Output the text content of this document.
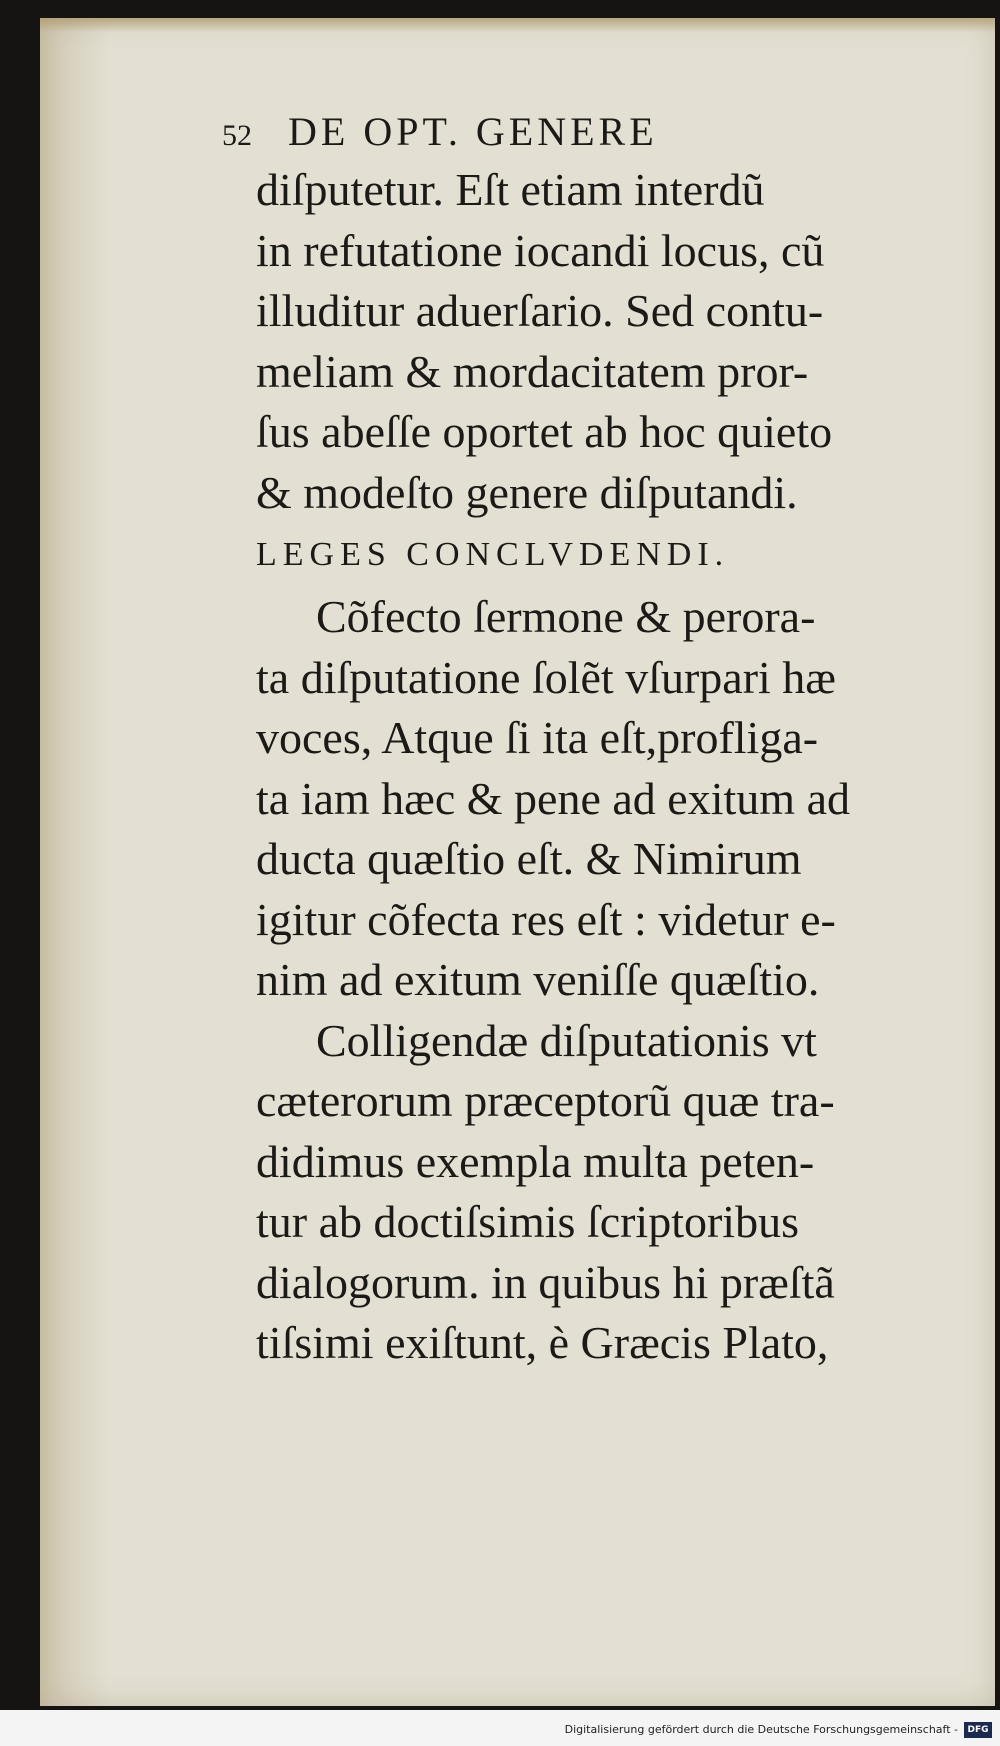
52 DE OPT. GENERE
diſputetur. Eſt etiam interdũ
in refutatione iocandi locus, cũ
illuditur aduerſario. Sed contu-
meliam & mordacitatem pror-
ſus abeſſe oportet ab hoc quieto
& modeſto genere diſputandi.
LEGES CONCLVDENDI.
Cõfecto ſermone & perora-
ta diſputatione ſolẽt vſurpari hæ
voces, Atque ſi ita eſt,profliga-
ta iam hæc & pene ad exitum ad
ducta quæſtio eſt. & Nimirum
igitur cõfecta res eſt : videtur e-
nim ad exitum veniſſe quæſtio.
Colligendæ diſputationis vt
cæterorum præceptorũ quæ tra-
didimus exempla multa peten-
tur ab doctiſsimis ſcriptoribus
dialogorum. in quibus hi præſtã
tiſsimi exiſtunt, è Græcis Plato,
Digitalisierung gefördert durch die Deutsche Forschungsgemeinschaft -	DFG
